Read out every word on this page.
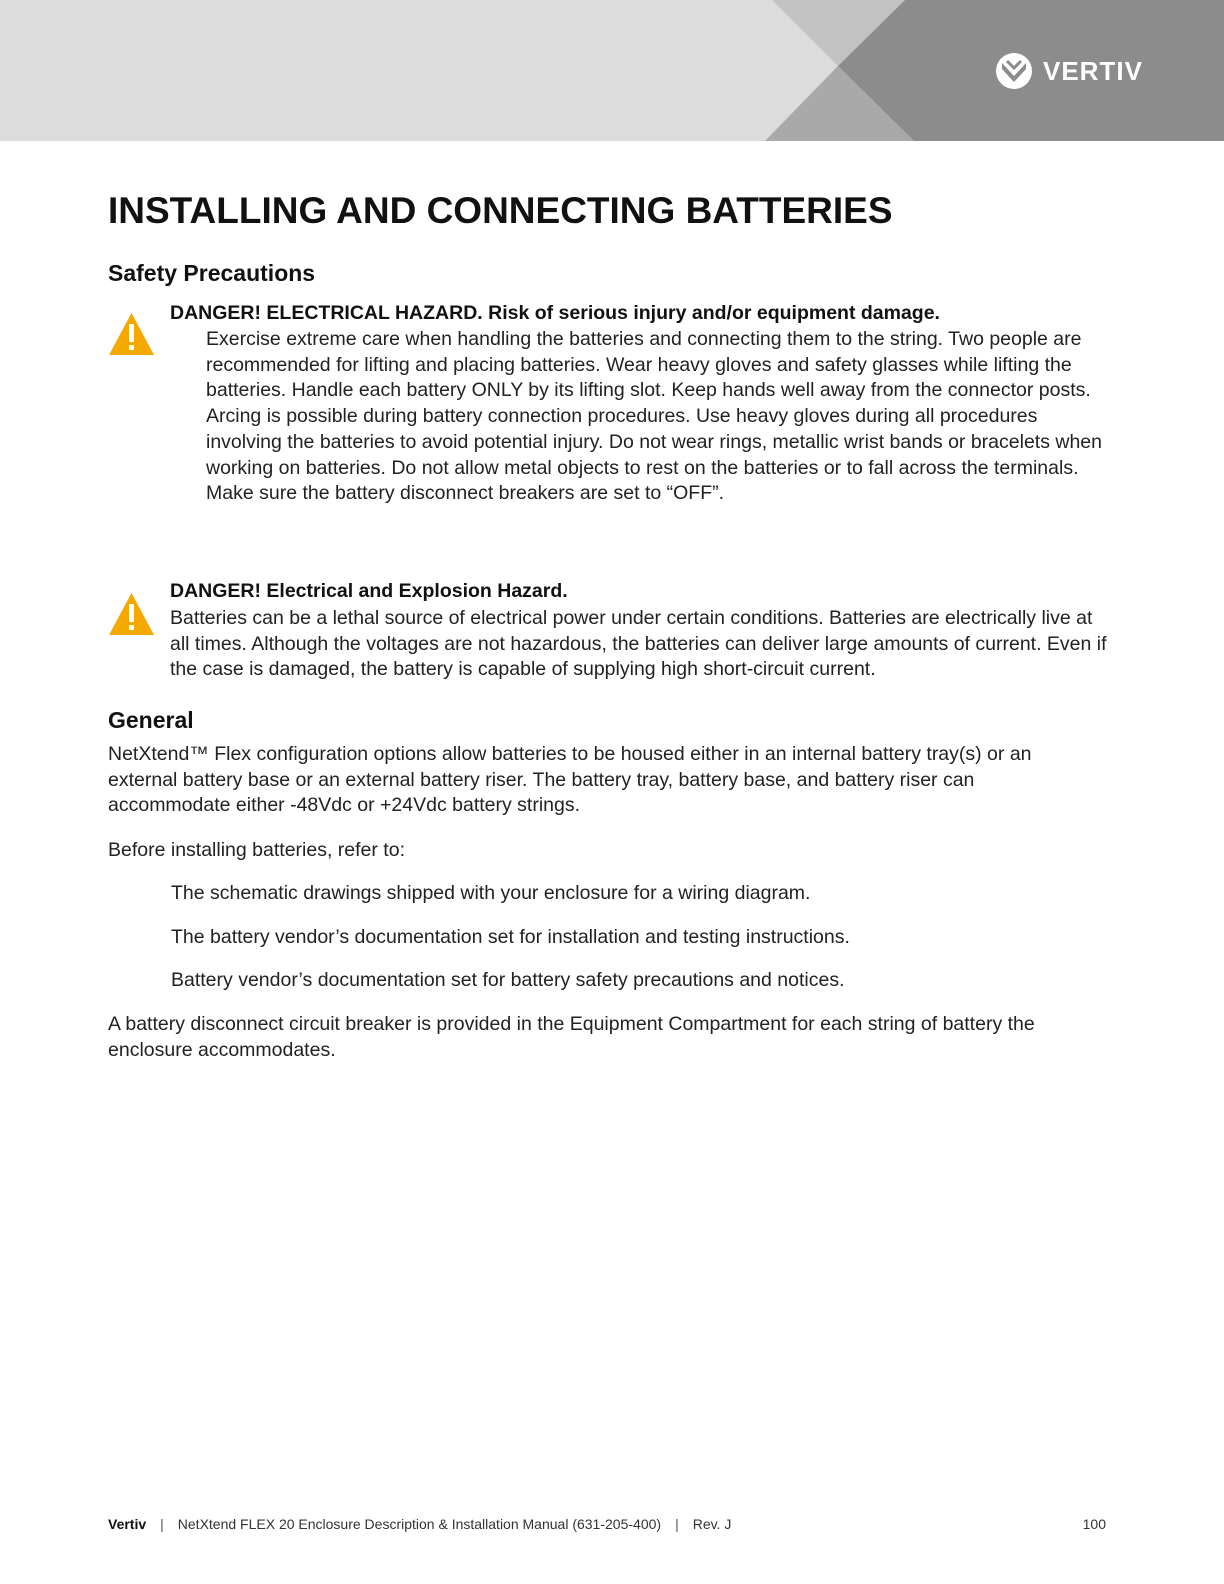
VERTIV
INSTALLING AND CONNECTING BATTERIES
Safety Precautions
DANGER! ELECTRICAL HAZARD. Risk of serious injury and/or equipment damage.

Exercise extreme care when handling the batteries and connecting them to the string. Two people are recommended for lifting and placing batteries. Wear heavy gloves and safety glasses while lifting the batteries. Handle each battery ONLY by its lifting slot. Keep hands well away from the connector posts.

Arcing is possible during battery connection procedures. Use heavy gloves during all procedures involving the batteries to avoid potential injury. Do not wear rings, metallic wrist bands or bracelets when working on batteries. Do not allow metal objects to rest on the batteries or to fall across the terminals.

Make sure the battery disconnect breakers are set to “OFF”.

DANGER! Electrical and Explosion Hazard.

Batteries can be a lethal source of electrical power under certain conditions. Batteries are electrically live at all times. Although the voltages are not hazardous, the batteries can deliver large amounts of current. Even if the case is damaged, the battery is capable of supplying high short-circuit current.

General

NetXtend™ Flex configuration options allow batteries to be housed either in an internal battery tray(s) or an external battery base or an external battery riser. The battery tray, battery base, and battery riser can accommodate either -48Vdc or +24Vdc battery strings.

Before installing batteries, refer to:

The schematic drawings shipped with your enclosure for a wiring diagram.

The battery vendor’s documentation set for installation and testing instructions.

Battery vendor’s documentation set for battery safety precautions and notices.

A battery disconnect circuit breaker is provided in the Equipment Compartment for each string of battery the enclosure accommodates.

Vertiv | NetXtend FLEX 20 Enclosure Description & Installation Manual (631-205-400) | Rev. J	100
